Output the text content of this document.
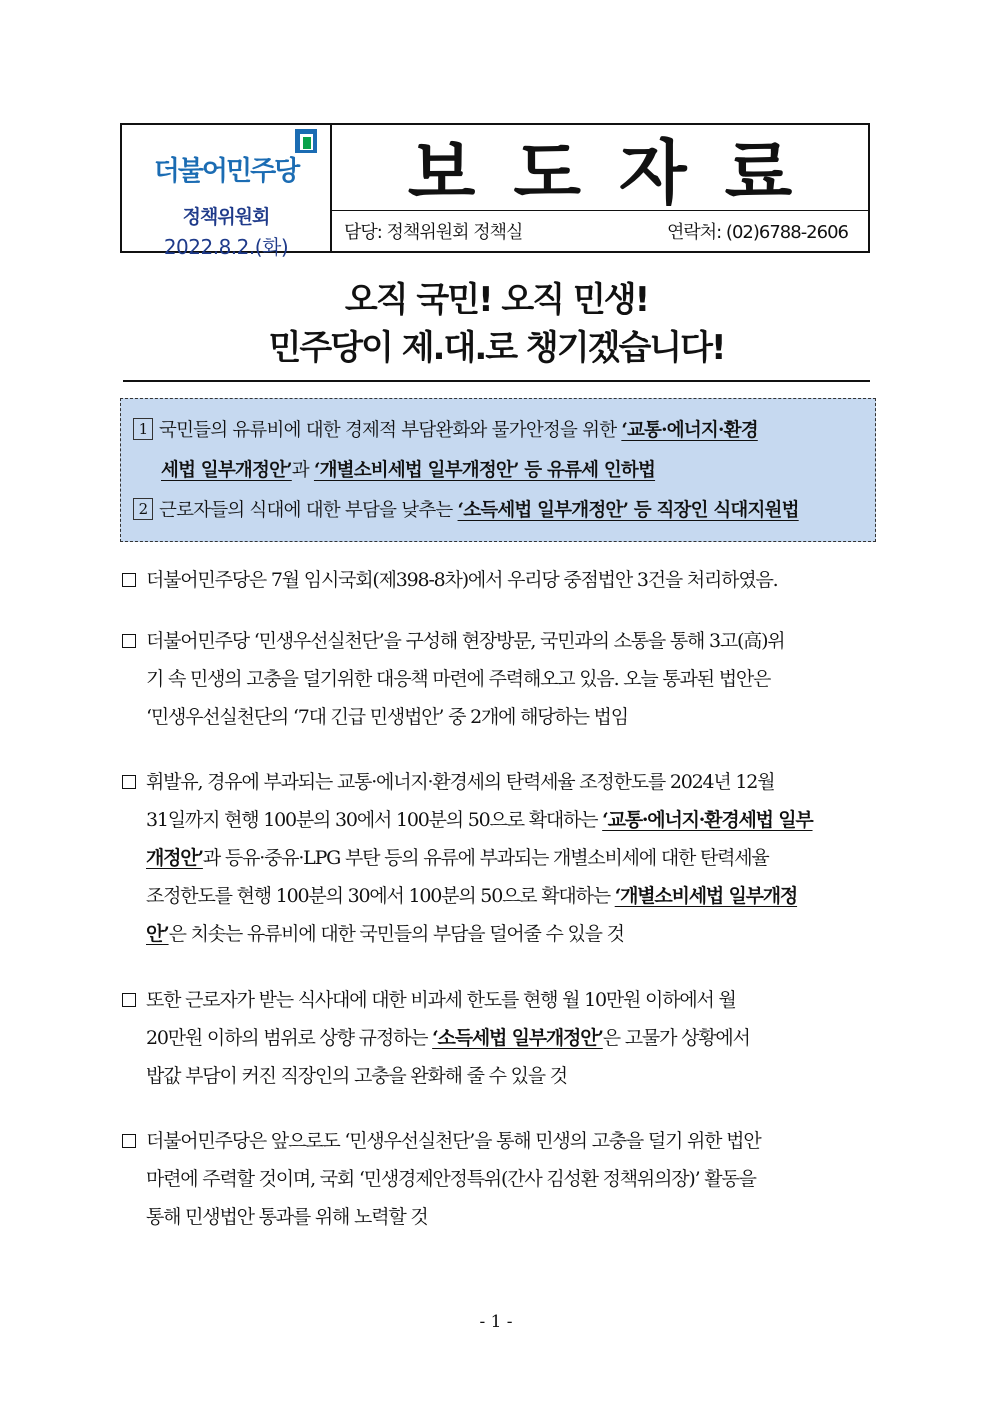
더불어민주당
정책위원회
2022.8.2.(화)
보도자료
담당: 정책위원회 정책실	연락처: (02)6788-2606
오직 국민! 오직 민생!
민주당이 제.대.로 챙기겠습니다!
1 국민들의 유류비에 대한 경제적 부담완화와 물가안정을 위한 ‘교통·에너지·환경
세법 일부개정안’과 ‘개별소비세법 일부개정안’ 등 유류세 인하법
2 근로자들의 식대에 대한 부담을 낮추는 ‘소득세법 일부개정안’ 등 직장인 식대지원법
더불어민주당은 7월 임시국회(제398-8차)에서 우리당 중점법안 3건을 처리하였음.
더불어민주당 ‘민생우선실천단’을 구성해 현장방문, 국민과의 소통을 통해 3고(高)위
기 속 민생의 고충을 덜기위한 대응책 마련에 주력해오고 있음. 오늘 통과된 법안은
‘민생우선실천단의 ‘7대 긴급 민생법안’ 중 2개에 해당하는 법임
휘발유, 경유에 부과되는 교통·에너지·환경세의 탄력세율 조정한도를 2024년 12월
31일까지 현행 100분의 30에서 100분의 50으로 확대하는 ‘교통·에너지·환경세법 일부
개정안’과 등유·중유·LPG 부탄 등의 유류에 부과되는 개별소비세에 대한 탄력세율
조정한도를 현행 100분의 30에서 100분의 50으로 확대하는 ‘개별소비세법 일부개정
안’은 치솟는 유류비에 대한 국민들의 부담을 덜어줄 수 있을 것
또한 근로자가 받는 식사대에 대한 비과세 한도를 현행 월 10만원 이하에서 월
20만원 이하의 범위로 상향 규정하는 ‘소득세법 일부개정안’은 고물가 상황에서
밥값 부담이 커진 직장인의 고충을 완화해 줄 수 있을 것
더불어민주당은 앞으로도 ‘민생우선실천단’을 통해 민생의 고충을 덜기 위한 법안
마련에 주력할 것이며, 국회 ‘민생경제안정특위(간사 김성환 정책위의장)’ 활동을
통해 민생법안 통과를 위해 노력할 것
- 1 -
